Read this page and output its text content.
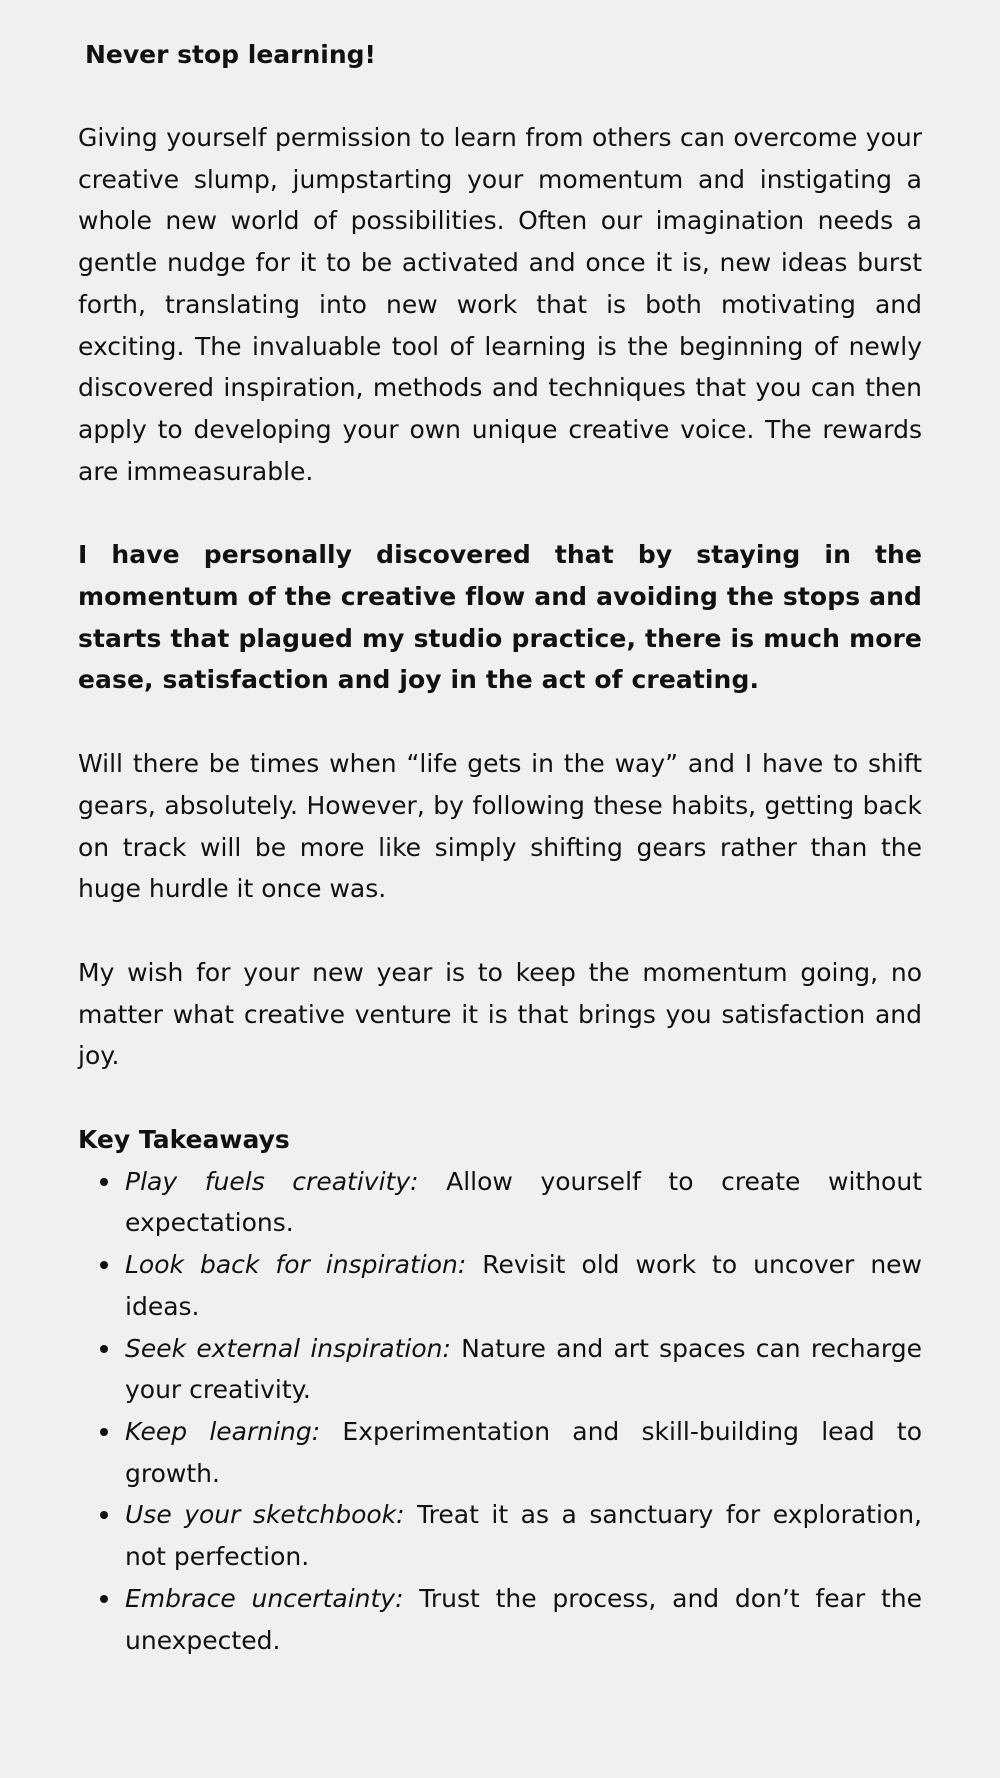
Never stop learning!

Giving yourself permission to learn from others can overcome your creative slump, jumpstarting your momentum and instigating a whole new world of possibilities. Often our imagination needs a gentle nudge for it to be activated and once it is, new ideas burst forth, translating into new work that is both motivating and exciting. The invaluable tool of learning is the beginning of newly discovered inspiration, methods and techniques that you can then apply to developing your own unique creative voice. The rewards are immeasurable.

I have personally discovered that by staying in the momentum of the creative flow and avoiding the stops and starts that plagued my studio practice, there is much more ease, satisfaction and joy in the act of creating.

Will there be times when “life gets in the way” and I have to shift gears, absolutely. However, by following these habits, getting back on track will be more like simply shifting gears rather than the huge hurdle it once was.

My wish for your new year is to keep the momentum going, no matter what creative venture it is that brings you satisfaction and joy.

Key Takeaways
Play fuels creativity: Allow yourself to create without expectations.
Look back for inspiration: Revisit old work to uncover new ideas.
Seek external inspiration: Nature and art spaces can recharge your creativity.
Keep learning: Experimentation and skill-building lead to growth.
Use your sketchbook: Treat it as a sanctuary for exploration, not perfection.
Embrace uncertainty: Trust the process, and don’t fear the unexpected.
